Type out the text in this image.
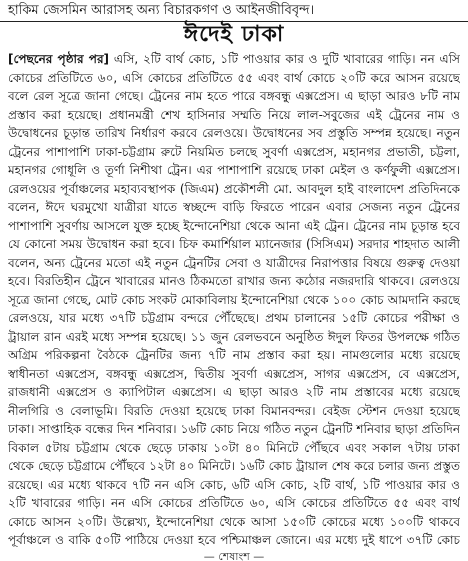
হাকিম জেসমিন আরাসহ অন্য বিচারকগণ ও আইনজীবিবৃন্দ।
ঈদেই ঢাকা

[পেছনের পৃষ্ঠার পর] এসি, ২টি বার্থ কোচ, ১টি পাওয়ার কার ও দুটি খাবারের গাড়ি। নন এসি কোচের প্রতিটিতে ৬০, এসি কোচের প্রতিটিতে ৫৫ এবং বার্থ কোচে ২০টি করে আসন রয়েছে বলে রেল সূত্রে জানা গেছে। ট্রেনের নাম হতে পারে বঙ্গবন্ধু এক্সপ্রেস। এ ছাড়া আরও ৮টি নাম প্রস্তাব করা হয়েছে। প্রধানমন্ত্রী শেখ হাসিনার সম্মতি নিয়ে লাল-সবুজের এই ট্রেনের নাম ও উদ্বোধনের চূড়ান্ত তারিখ নির্ধারণ করবে রেলওয়ে। উদ্বোধনের সব প্রস্তুতি সম্পন্ন হয়েছে। নতুন ট্রেনের পাশাপাশি ঢাকা-চট্টগ্রাম রুটে নিয়মিত চলছে সুবর্ণা এক্সপ্রেস, মহানগর প্রভাতী, চট্টলা, মহানগর গোধূলি ও তূর্ণা নিশীথা ট্রেন। এর পাশাপাশি রয়েছে ঢাকা মেইল ও কর্ণফুলী এক্সপ্রেস। রেলওয়ের পূর্বাঞ্চলের মহাব্যবস্থাপক (জিএম) প্রকৌশলী মো. আবদুল হাই বাংলাদেশ প্রতিদিনকে বলেন, ঈদে ঘরমুখো যাত্রীরা যাতে স্বচ্ছন্দে বাড়ি ফিরতে পারেন এবার সেজন্য নতুন ট্রেনের পাশাপাশি সুবর্ণায় আসলে যুক্ত হচ্ছে ইন্দোনেশিয়া থেকে আনা এই ট্রেন। ট্রেনের নাম চূড়ান্ত হবে যে কোনো সময় উদ্বোধন করা হবে। চিফ কমার্শিয়াল ম্যানেজার (সিসিএম) সরদার শাহদাত আলী বলেন, অন্য ট্রেনের মতো এই নতুন ট্রেনটির সেবা ও যাত্রীদের নিরাপত্তার বিষয়ে গুরুত্ব দেওয়া হবে। বিরতিহীন ট্রেনে খাবারের মানও ঠিকমতো রাখার জন্য কঠোর নজরদারি থাকবে। রেলওয়ে সূত্রে জানা গেছে, মোট কোচ সংকট মোকাবিলায় ইন্দোনেশিয়া থেকে ১০০ কোচ আমদানি করছে রেলওয়ে, যার মধ্যে ৩৭টি চট্টগ্রাম বন্দরে পৌঁছেছে। প্রথম চালানের ১৫টি কোচের পরীক্ষা ও ট্রায়াল রান এরই মধ্যে সম্পন্ন হয়েছে। ১১ জুন রেলভবনে অনুষ্ঠিত ঈদুল ফিতর উপলক্ষে গঠিত অগ্রিম পরিকল্পনা বৈঠকে ট্রেনটির জন্য ৭টি নাম প্রস্তাব করা হয়। নামগুলোর মধ্যে রয়েছে স্বাধীনতা এক্সপ্রেস, বঙ্গবন্ধু এক্সপ্রেস, দ্বিতীয় সুবর্ণা এক্সপ্রেস, সাগর এক্সপ্রেস, বে এক্সপ্রেস, রাজধানী এক্সপ্রেস ও ক্যাপিটাল এক্সপ্রেস। এ ছাড়া আরও ২টি নাম প্রস্তাবের মধ্যে রয়েছে নীলগিরি ও বেলাভূমি। বিরতি দেওয়া হয়েছে ঢাকা বিমানবন্দর। বেইজ স্টেশন দেওয়া হয়েছে ঢাকা। সাপ্তাহিক বন্ধের দিন শনিবার। ১৬টি কোচ নিয়ে গঠিত নতুন ট্রেনটি শনিবার ছাড়া প্রতিদিন বিকাল ৫টায় চট্টগ্রাম থেকে ছেড়ে ঢাকায় ১০টা ৪০ মিনিটে পৌঁছবে এবং সকাল ৭টায় ঢাকা থেকে ছেড়ে চট্টগ্রামে পৌঁছবে ১২টা ৪০ মিনিটে। ১৬টি কোচ ট্রায়াল শেষ করে চলার জন্য প্রস্তুত রয়েছে। এর মধ্যে থাকবে ৭টি নন এসি কোচ, ৬টি এসি কোচ, ২টি বার্থ, ১টি পাওয়ার কার ও ২টি খাবারের গাড়ি। নন এসি কোচের প্রতিটিতে ৬০, এসি কোচের প্রতিটিতে ৫৫ এবং বার্থ কোচে আসন ২০টি। উল্লেখ্য, ইন্দোনেশিয়া থেকে আসা ১৫০টি কোচের মধ্যে ১০০টি থাকবে পূর্বাঞ্চলে ও বাকি ৫০টি পাঠিয়ে দেওয়া হবে পশ্চিমাঞ্চল জোনে। এর মধ্যে দুই ধাপে ৩৭টি কোচ

— শেষাংশ —
